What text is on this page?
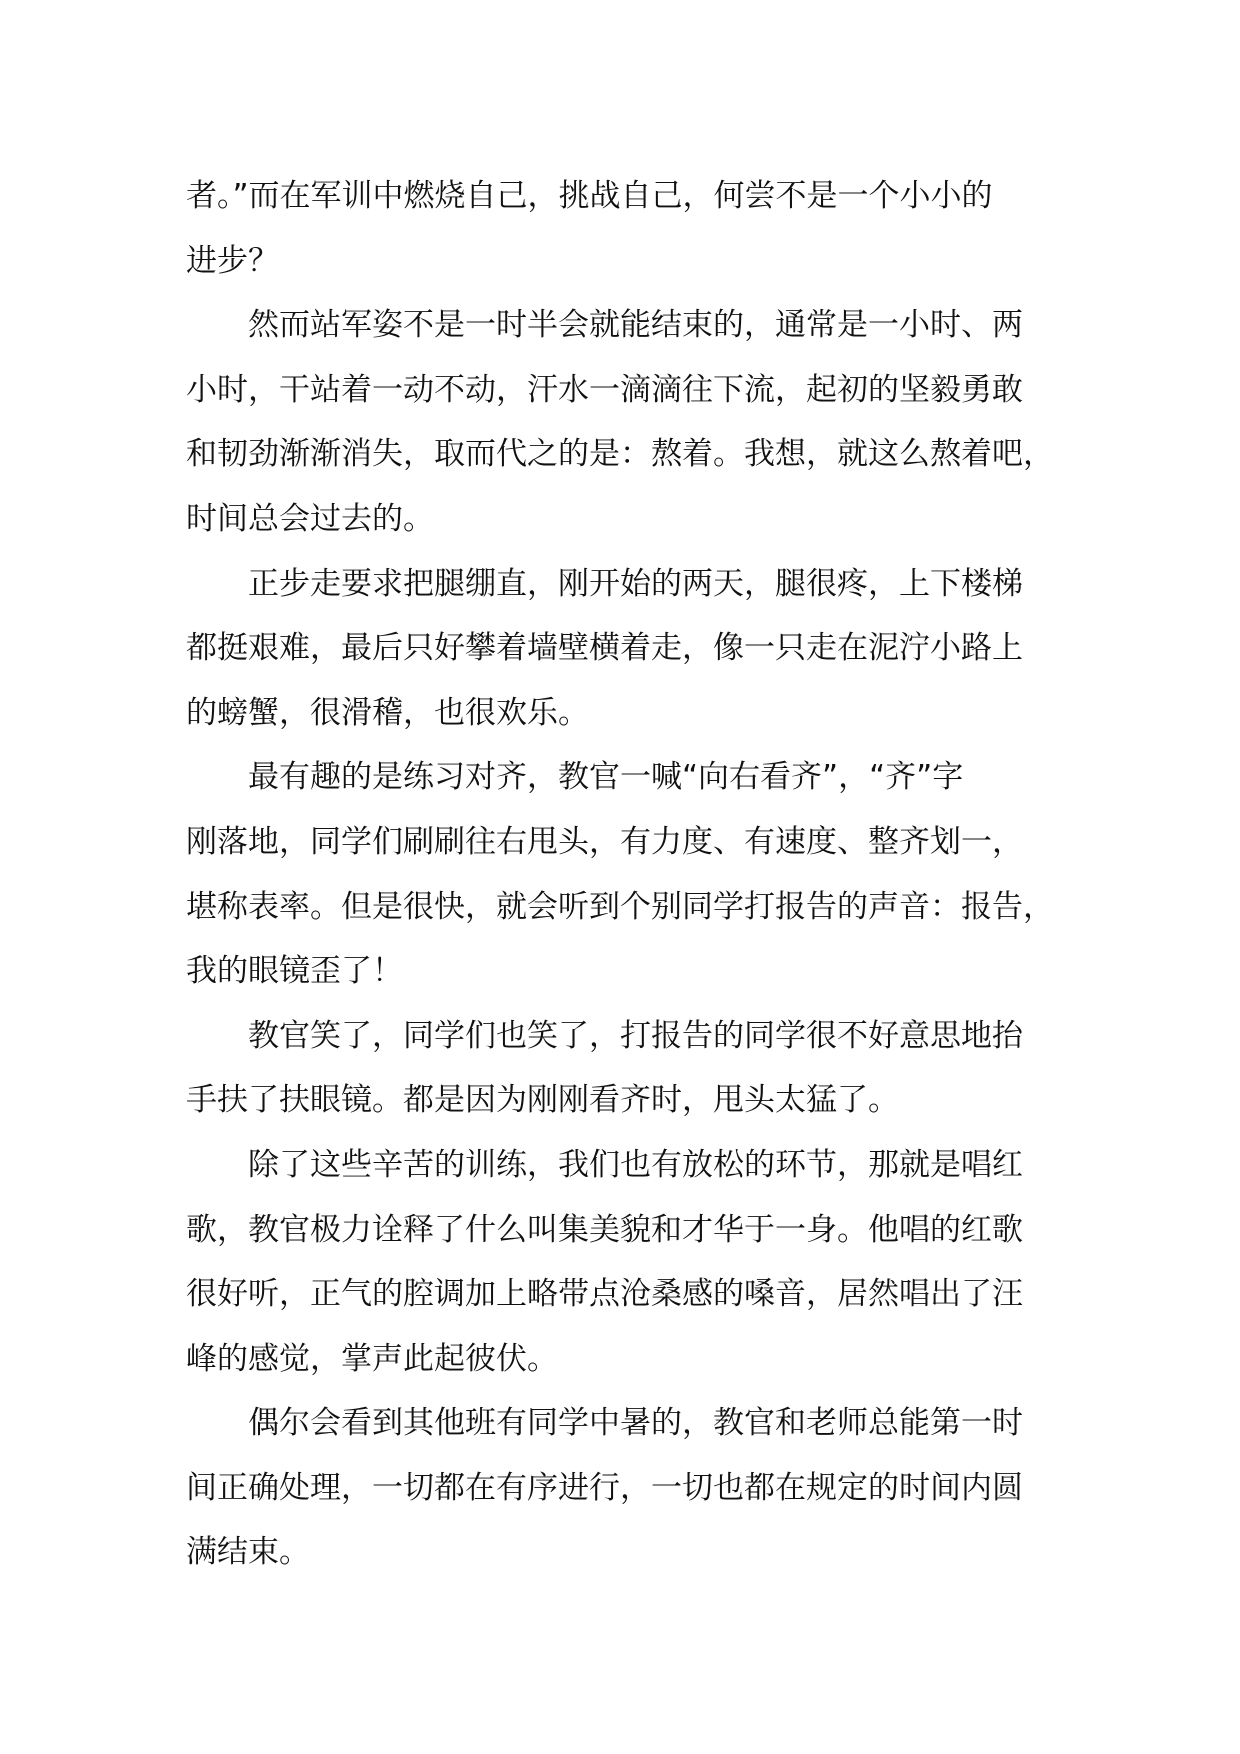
者。”而在军训中燃烧自己，挑战自己，何尝不是一个小小的
进步？
然而站军姿不是一时半会就能结束的，通常是一小时、两
小时，干站着一动不动，汗水一滴滴往下流，起初的坚毅勇敢
和韧劲渐渐消失，取而代之的是：熬着。我想，就这么熬着吧，
时间总会过去的。
正步走要求把腿绷直，刚开始的两天，腿很疼，上下楼梯
都挺艰难，最后只好攀着墙壁横着走，像一只走在泥泞小路上
的螃蟹，很滑稽，也很欢乐。
最有趣的是练习对齐，教官一喊“向右看齐”，“齐”字
刚落地，同学们刷刷往右甩头，有力度、有速度、整齐划一，
堪称表率。但是很快，就会听到个别同学打报告的声音：报告，
我的眼镜歪了！
教官笑了，同学们也笑了，打报告的同学很不好意思地抬
手扶了扶眼镜。都是因为刚刚看齐时，甩头太猛了。
除了这些辛苦的训练，我们也有放松的环节，那就是唱红
歌，教官极力诠释了什么叫集美貌和才华于一身。他唱的红歌
很好听，正气的腔调加上略带点沧桑感的嗓音，居然唱出了汪
峰的感觉，掌声此起彼伏。
偶尔会看到其他班有同学中暑的，教官和老师总能第一时
间正确处理，一切都在有序进行，一切也都在规定的时间内圆
满结束。
